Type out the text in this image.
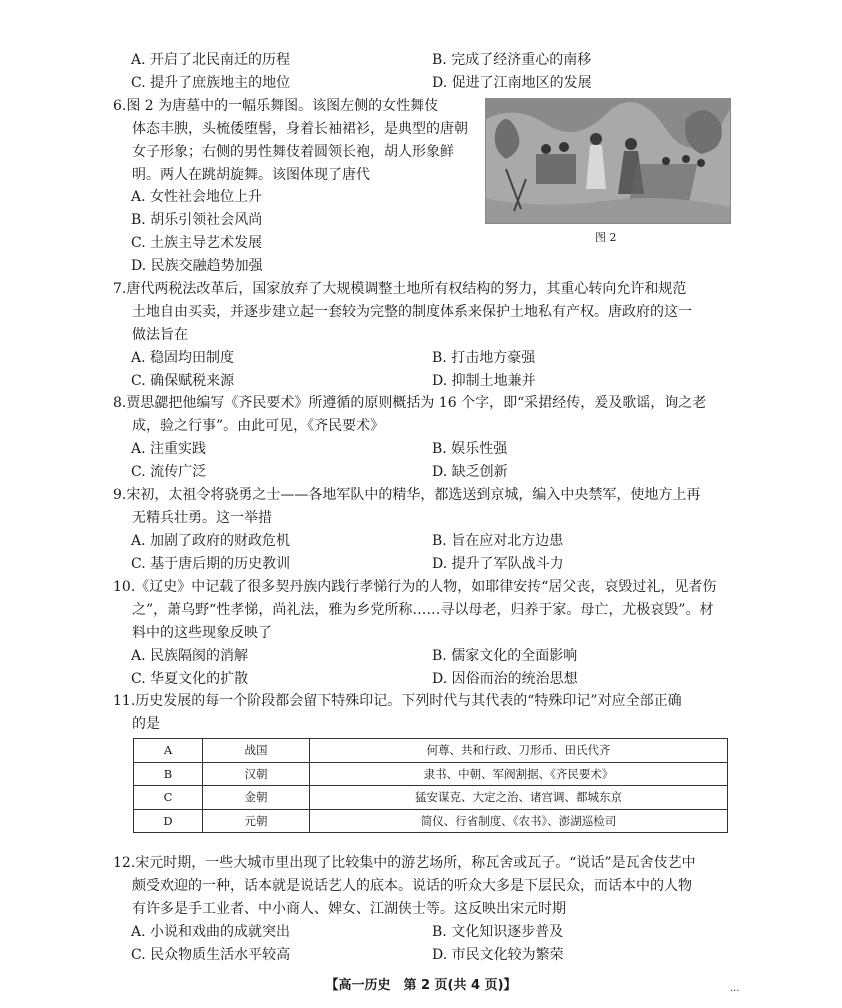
A. 开启了北民南迁的历程	B. 完成了经济重心的南移
C. 提升了庶族地主的地位	D. 促进了江南地区的发展
6.图 2 为唐墓中的一幅乐舞图。该图左侧的女性舞伎
体态丰腴，头梳倭堕髻，身着长袖裙衫，是典型的唐朝
女子形象；右侧的男性舞伎着圆领长袍，胡人形象鲜
明。两人在跳胡旋舞。该图体现了唐代
A. 女性社会地位上升
B. 胡乐引领社会风尚
C. 土族主导艺术发展
D. 民族交融趋势加强
图 2
7.唐代两税法改革后，国家放弃了大规模调整土地所有权结构的努力，其重心转向允许和规范
土地自由买卖，并逐步建立起一套较为完整的制度体系来保护土地私有产权。唐政府的这一
做法旨在
A. 稳固均田制度	B. 打击地方豪强
C. 确保赋税来源	D. 抑制土地兼并
8.贾思勰把他编写《齐民要术》所遵循的原则概括为 16 个字，即“采捃经传，爰及歌谣，询之老
成，验之行事”。由此可见，《齐民要术》
A. 注重实践	B. 娱乐性强
C. 流传广泛	D. 缺乏创新
9.宋初，太祖令将骁勇之士——各地军队中的精华，都选送到京城，编入中央禁军，使地方上再
无精兵壮勇。这一举措
A. 加剧了政府的财政危机	B. 旨在应对北方边患
C. 基于唐后期的历史教训	D. 提升了军队战斗力
10.《辽史》中记载了很多契丹族内践行孝悌行为的人物，如耶律安抟“居父丧，哀毁过礼，见者伤
之”，萧乌野“性孝悌，尚礼法，雅为乡党所称……寻以母老，归养于家。母亡，尤极哀毁”。材
料中的这些现象反映了
A. 民族隔阂的消解	B. 儒家文化的全面影响
C. 华夏文化的扩散	D. 因俗而治的统治思想
11.历史发展的每一个阶段都会留下特殊印记。下列时代与其代表的“特殊印记”对应全部正确
的是
A	战国	何尊、共和行政、刀形币、田氏代齐
B	汉朝	隶书、中朝、军阀割据、《齐民要术》
C	金朝	猛安谋克、大定之治、诸宫调、都城东京
D	元朝	简仪、行省制度、《农书》、澎湖巡检司
12.宋元时期，一些大城市里出现了比较集中的游艺场所，称瓦舍或瓦子。“说话”是瓦舍伎艺中
颇受欢迎的一种，话本就是说话艺人的底本。说话的听众大多是下层民众，而话本中的人物
有许多是手工业者、中小商人、婢女、江湖侠士等。这反映出宋元时期
A. 小说和戏曲的成就突出	B. 文化知识逐步普及
C. 民众物质生活水平较高	D. 市民文化较为繁荣
【高一历史　第 2 页(共 4 页)】	...
